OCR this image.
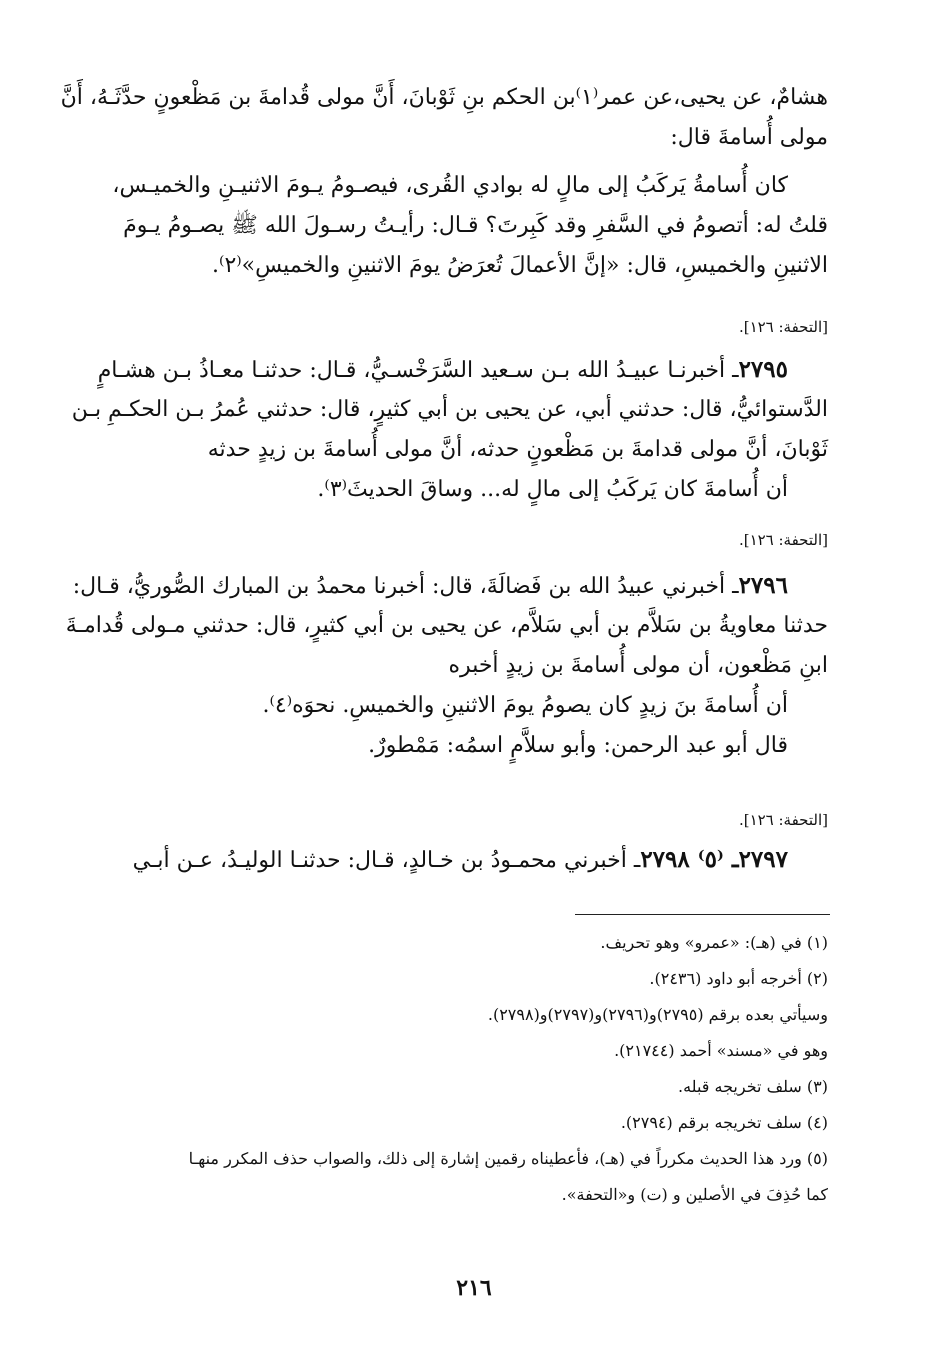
هشامٌ، عن يحيى،عن عمر⁽١⁾بن الحكم بنِ ثَوْبانَ، أَنَّ مولى قُدامةَ بن مَظْعونٍ حدَّثَـهُ، أَنَّ
مولى أُسامةَ قال:
كان أُسامةُ يَركَبُ إلى مالٍ له بوادي القُرى، فيصـومُ يـومَ الاثنيـنِ والخميـس،
قلتُ له: أتصومُ في السَّفرِ وقد كَبِرتَ؟ قـال: رأيـتُ رسـولَ الله ﷺ يصـومُ يـومَ
الاثنينِ والخميسِ، قال: «إنَّ الأعمالَ تُعرَضُ يومَ الاثنينِ والخميسِ»⁽٢⁾.
[التحفة: ١٢٦].
٢٧٩٥ـ أخبرنـا عبيـدُ الله بـن سـعيد السَّرَخْسـيُّ، قـال: حدثنـا معـاذُ بـن هشـامٍ
الدَّستوائيُّ، قال: حدثني أبي، عن يحيى بن أبي كثيرٍ، قال: حدثني عُمرُ بـن الحكـمِ بـن
ثَوْبانَ، أنَّ مولى قدامةَ بن مَظْعونٍ حدثه، أنَّ مولى أُسامةَ بن زيدٍ حدثه
أن أُسامةَ كان يَركَبُ إلى مالٍ له... وساقَ الحديثَ⁽٣⁾.
[التحفة: ١٢٦].
٢٧٩٦ـ أخبرني عبيدُ الله بن فَضالَةَ، قال: أخبرنا محمدُ بن المبارك الصُّوريُّ، قـال:
حدثنا معاويةُ بن سَلاَّم بن أبي سَلاَّم، عن يحيى بن أبي كثيرٍ، قال: حدثني مـولى قُدامـةَ
ابنِ مَظْعون، أن مولى أُسامةَ بن زيدٍ أخبره
أن أُسامةَ بنَ زيدٍ كان يصومُ يومَ الاثنينِ والخميسِ. نحوَه⁽٤⁾.
قال أبو عبد الرحمن: وأبو سلاَّمٍ اسمُه: مَمْطورٌ.
[التحفة: ١٢٦].
٢٧٩٧ـ ⁽٥⁾ ٢٧٩٨ـ أخبرني محمـودُ بن خـالدٍ، قـال: حدثنـا الوليـدُ، عـن أبـي
(١) في (هـ): «عمرو» وهو تحريف.
(٢) أخرجه أبو داود (٢٤٣٦).
وسيأتي بعده برقم (٢٧٩٥)و(٢٧٩٦)و(٢٧٩٧)و(٢٧٩٨).
وهو في «مسند» أحمد (٢١٧٤٤).
(٣) سلف تخريجه قبله.
(٤) سلف تخريجه برقم (٢٧٩٤).
(٥) ورد هذا الحديث مكرراً في (هـ)، فأعطيناه رقمين إشارة إلى ذلك، والصواب حذف المكرر منهـا
كما حُذِفَ في الأصلين و (ت) و«التحفة».
٢١٦
